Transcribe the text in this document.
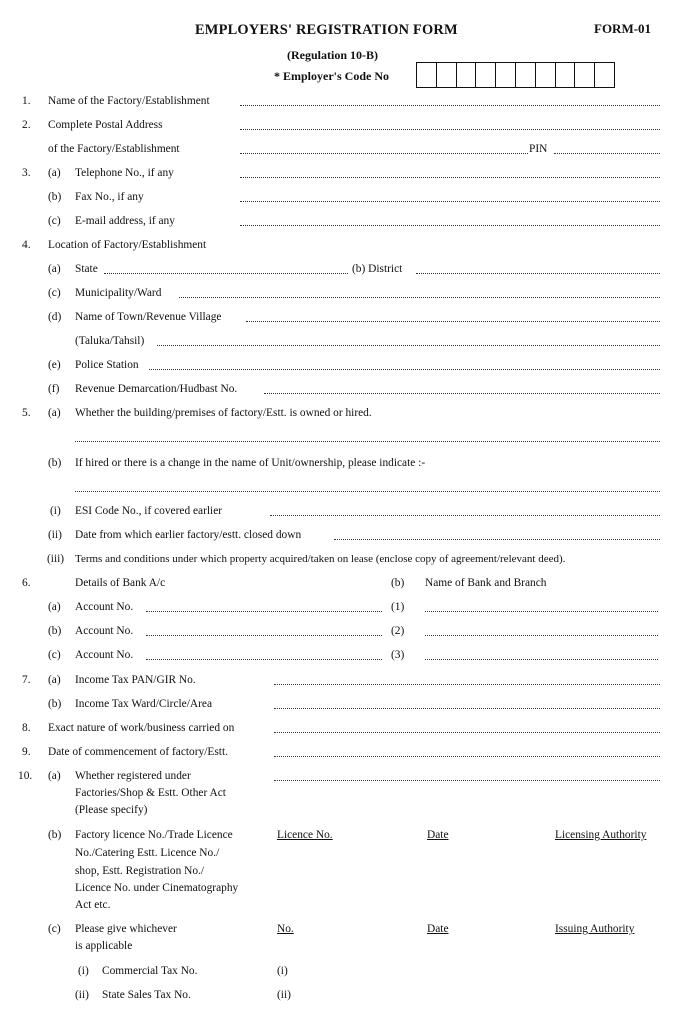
EMPLOYERS' REGISTRATION FORM	FORM-01
(Regulation 10-B)
* Employer's Code No
1. Name of the Factory/Establishment
2. Complete Postal Address
of the Factory/Establishment	PIN
3. (a) Telephone No., if any
(b) Fax No., if any
(c) E-mail address, if any
4. Location of Factory/Establishment
(a) State	(b) District
(c) Municipality/Ward
(d) Name of Town/Revenue Village
(Taluka/Tahsil)
(e) Police Station
(f) Revenue Demarcation/Hudbast No.
5. (a) Whether the building/premises of factory/Estt. is owned or hired.
(b) If hired or there is a change in the name of Unit/ownership, please indicate :-
(i) ESI Code No., if covered earlier
(ii) Date from which earlier factory/estt. closed down
(iii) Terms and conditions under which property acquired/taken on lease (enclose copy of agreement/relevant deed).
6.	Details of Bank A/c	(b) Name of Bank and Branch
(a) Account No.	(1)
(b) Account No.	(2)
(c) Account No.	(3)
7. (a) Income Tax PAN/GIR No.
(b) Income Tax Ward/Circle/Area
8. Exact nature of work/business carried on
9. Date of commencement of factory/Estt.
10. (a) Whether registered under
Factories/Shop & Estt. Other Act
(Please specify)
(b) Factory licence No./Trade Licence
No./Catering Estt. Licence No./
shop, Estt. Registration No./
Licence No. under Cinematography
Act etc.
Licence No.	Date	Licensing Authority
(c) Please give whichever
is applicable
No.	Date	Issuing Authority
(i) Commercial Tax No.	(i)
(ii) State Sales Tax No.	(ii)
